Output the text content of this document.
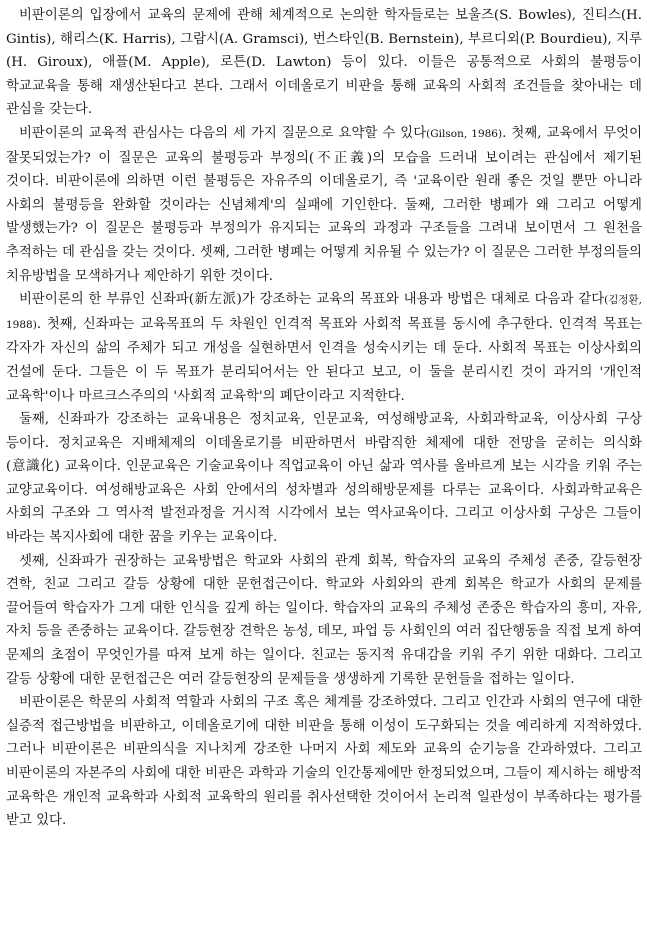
비판이론의 입장에서 교육의 문제에 관해 체계적으로 논의한 학자들로는 보울즈(S. Bowles), 진티스(H. Gintis), 해리스(K. Harris), 그람시(A. Gramsci), 번스타인(B. Bernstein), 부르디외(P. Bourdieu), 지루(H. Giroux), 애플(M. Apple), 로튼(D. Lawton) 등이 있다. 이들은 공통적으로 사회의 불평등이 학교교육을 통해 재생산된다고 본다. 그래서 이데올로기 비판을 통해 교육의 사회적 조건들을 찾아내는 데 관심을 갖는다.

비판이론의 교육적 관심사는 다음의 세 가지 질문으로 요약할 수 있다(Gilson, 1986). 첫째, 교육에서 무엇이 잘못되었는가? 이 질문은 교육의 불평등과 부정의(不正義)의 모습을 드러내 보이려는 관심에서 제기된 것이다. 비판이론에 의하면 이런 불평등은 자유주의 이데올로기, 즉 '교육이란 원래 좋은 것일 뿐만 아니라 사회의 불평등을 완화할 것이라는 신념체계'의 실패에 기인한다. 둘째, 그러한 병폐가 왜 그리고 어떻게 발생했는가? 이 질문은 불평등과 부정의가 유지되는 교육의 과정과 구조들을 그려내 보이면서 그 원천을 추적하는 데 관심을 갖는 것이다. 셋째, 그러한 병폐는 어떻게 치유될 수 있는가? 이 질문은 그러한 부정의들의 치유방법을 모색하거나 제안하기 위한 것이다.

비판이론의 한 부류인 신좌파(新左派)가 강조하는 교육의 목표와 내용과 방법은 대체로 다음과 같다(김정환, 1988). 첫째, 신좌파는 교육목표의 두 차원인 인격적 목표와 사회적 목표를 동시에 추구한다. 인격적 목표는 각자가 자신의 삶의 주체가 되고 개성을 실현하면서 인격을 성숙시키는 데 둔다. 사회적 목표는 이상사회의 건설에 둔다. 그들은 이 두 목표가 분리되어서는 안 된다고 보고, 이 둘을 분리시킨 것이 과거의 '개인적 교육학'이나 마르크스주의의 '사회적 교육학'의 폐단이라고 지적한다.

둘째, 신좌파가 강조하는 교육내용은 정치교육, 인문교육, 여성해방교육, 사회과학교육, 이상사회 구상 등이다. 정치교육은 지배체제의 이데올로기를 비판하면서 바람직한 체제에 대한 전망을 굳히는 의식화(意識化) 교육이다. 인문교육은 기술교육이나 직업교육이 아닌 삶과 역사를 올바르게 보는 시각을 키워 주는 교양교육이다. 여성해방교육은 사회 안에서의 성차별과 성의해방문제를 다루는 교육이다. 사회과학교육은 사회의 구조와 그 역사적 발전과정을 거시적 시각에서 보는 역사교육이다. 그리고 이상사회 구상은 그들이 바라는 복지사회에 대한 꿈을 키우는 교육이다.

셋째, 신좌파가 권장하는 교육방법은 학교와 사회의 관계 회복, 학습자의 교육의 주체성 존중, 갈등현장 견학, 친교 그리고 갈등 상황에 대한 문헌접근이다. 학교와 사회와의 관계 회복은 학교가 사회의 문제를 끌어들여 학습자가 그게 대한 인식을 깊게 하는 일이다. 학습자의 교육의 주체성 존중은 학습자의 흥미, 자유, 자치 등을 존중하는 교육이다. 갈등현장 견학은 농성, 데모, 파업 등 사회인의 여러 집단행동을 직접 보게 하여 문제의 초점이 무엇인가를 따져 보게 하는 일이다. 친교는 동지적 유대감을 키워 주기 위한 대화다. 그리고 갈등 상황에 대한 문헌접근은 여러 갈등현장의 문제들을 생생하게 기록한 문헌들을 접하는 일이다.

비판이론은 학문의 사회적 역할과 사회의 구조 혹은 체계를 강조하였다. 그리고 인간과 사회의 연구에 대한 실증적 접근방법을 비판하고, 이데올로기에 대한 비판을 통해 이성이 도구화되는 것을 예리하게 지적하였다. 그러나 비판이론은 비판의식을 지나치게 강조한 나머지 사회 제도와 교육의 순기능을 간과하였다. 그리고 비판이론의 자본주의 사회에 대한 비판은 과학과 기술의 인간통제에만 한정되었으며, 그들이 제시하는 해방적 교육학은 개인적 교육학과 사회적 교육학의 원리를 취사선택한 것이어서 논리적 일관성이 부족하다는 평가를 받고 있다.
